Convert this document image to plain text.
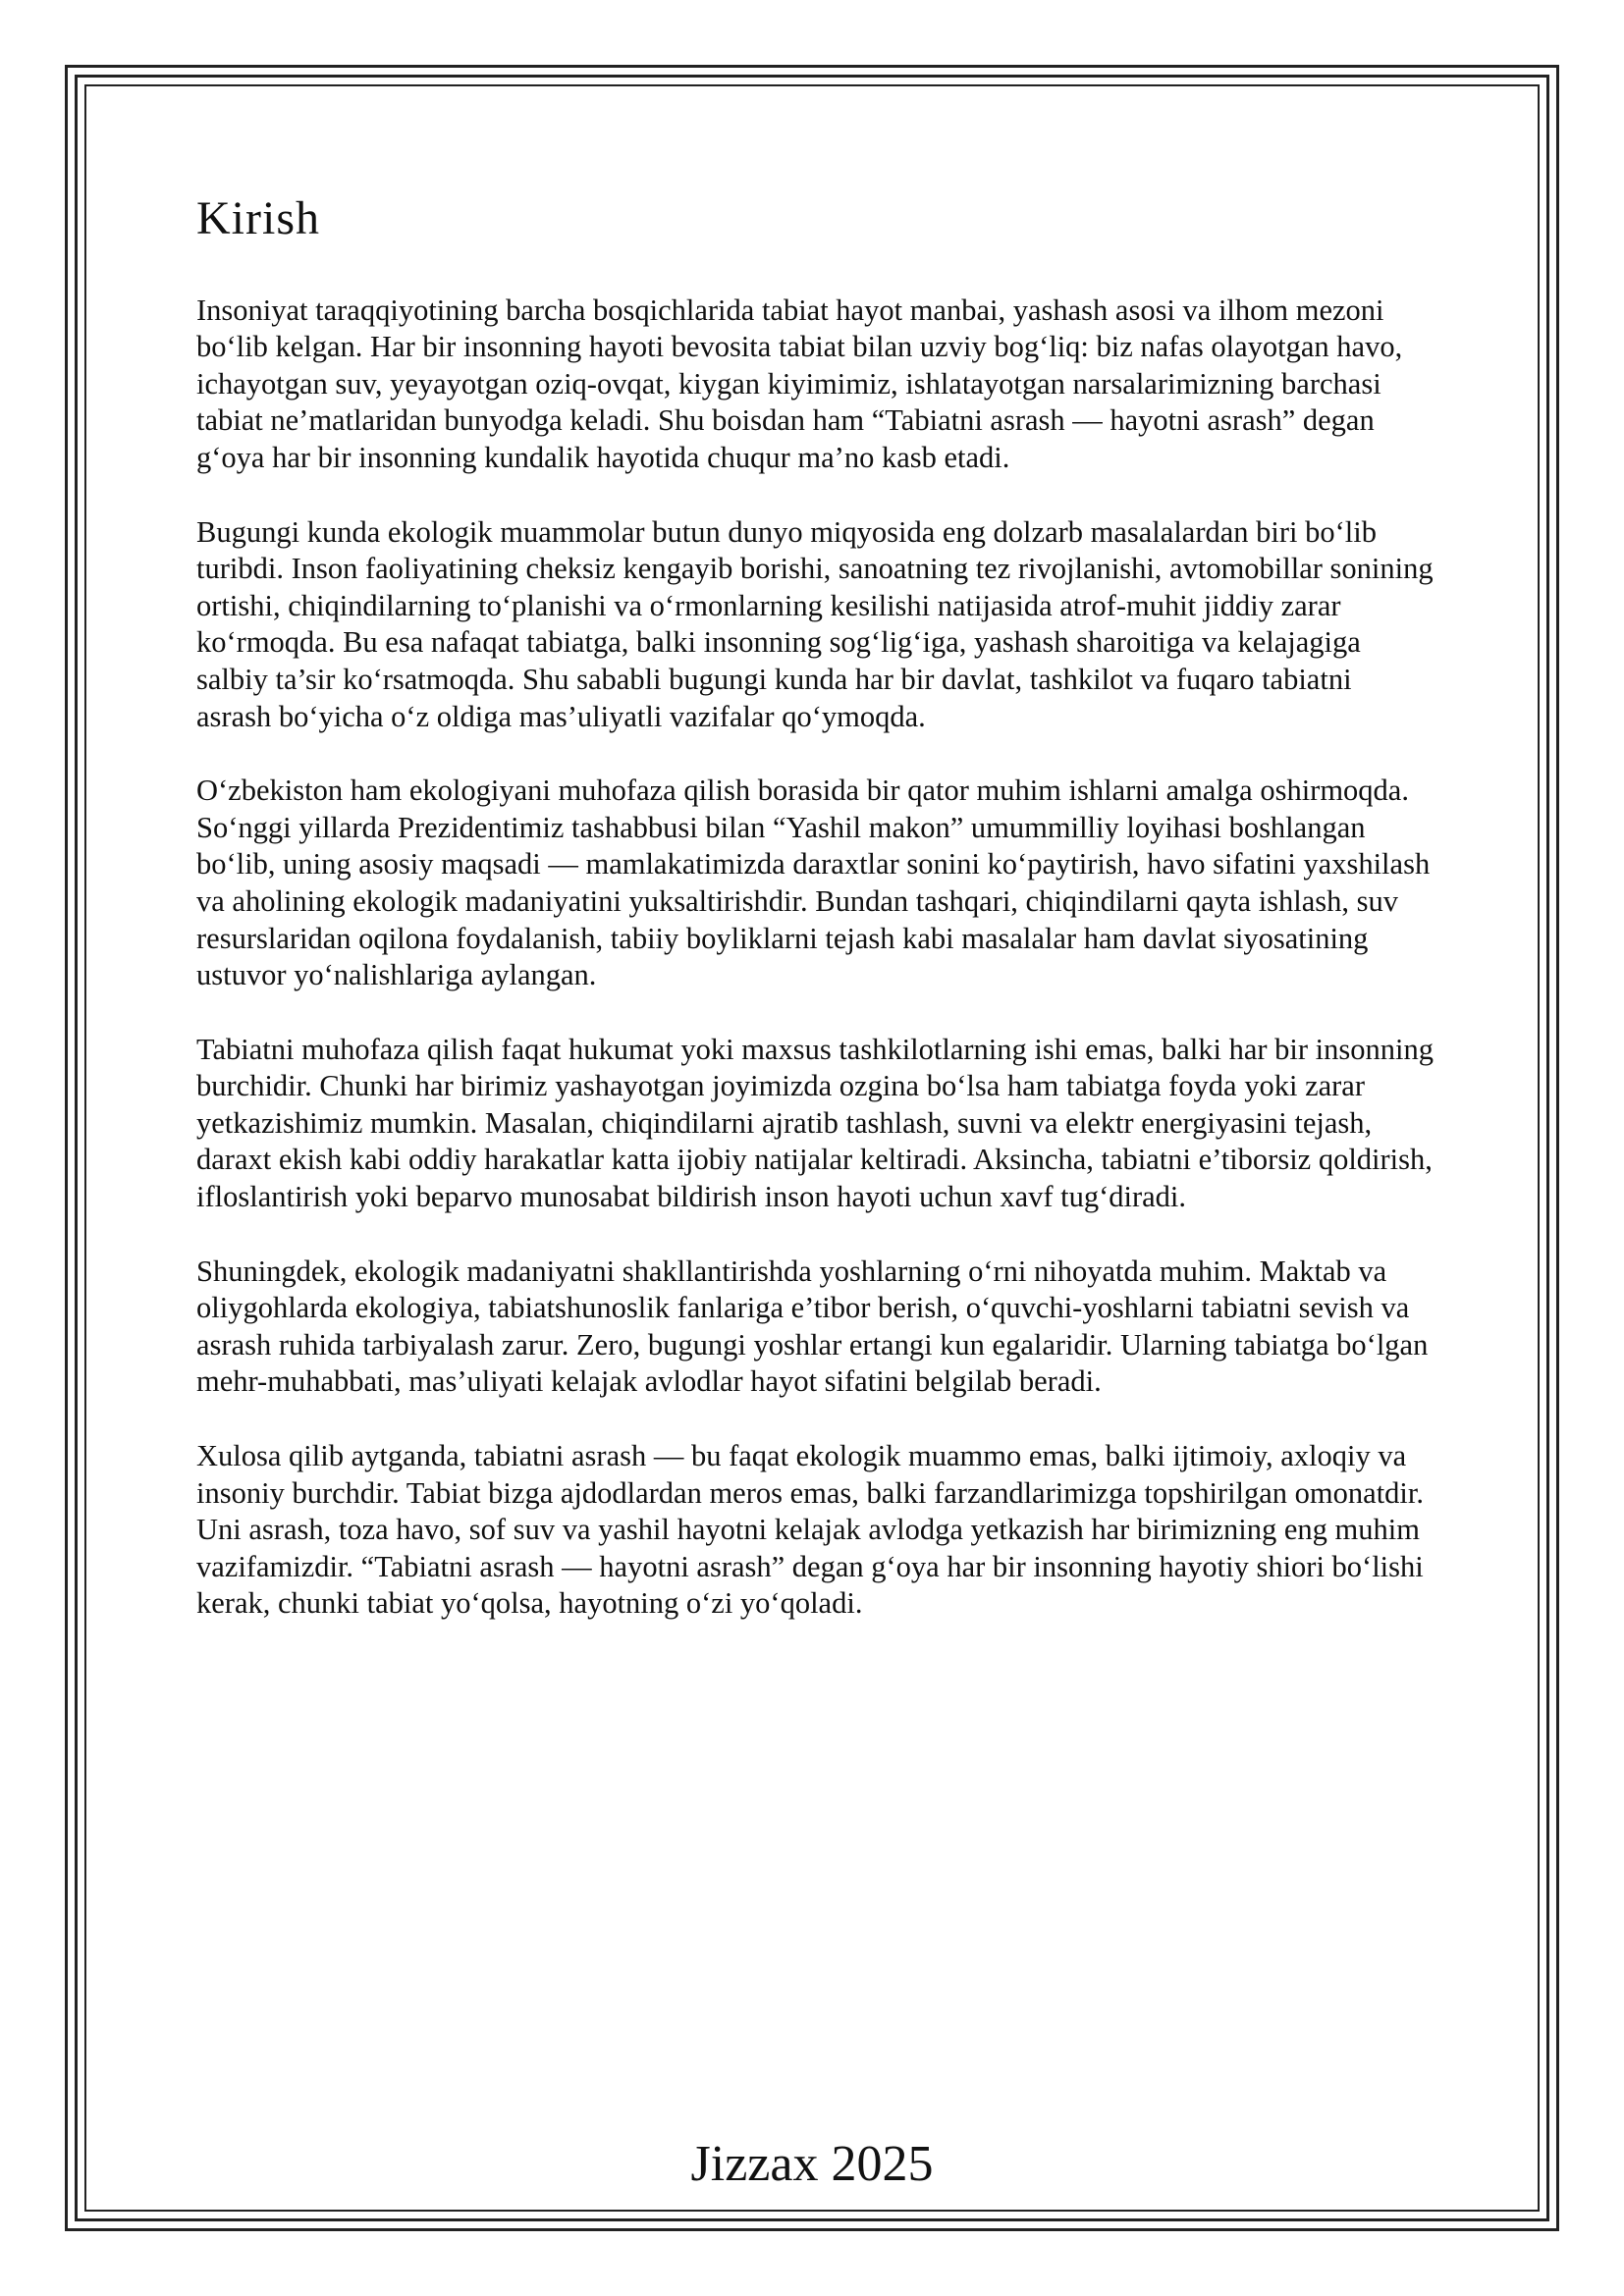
Kirish

Insoniyat taraqqiyotining barcha bosqichlarida tabiat hayot manbai, yashash asosi va ilhom mezoni bo‘lib kelgan. Har bir insonning hayoti bevosita tabiat bilan uzviy bog‘liq: biz nafas olayotgan havo, ichayotgan suv, yeyayotgan oziq-ovqat, kiygan kiyimimiz, ishlatayotgan narsalarimizning barchasi tabiat ne’matlaridan bunyodga keladi. Shu boisdan ham “Tabiatni asrash — hayotni asrash” degan g‘oya har bir insonning kundalik hayotida chuqur ma’no kasb etadi.

Bugungi kunda ekologik muammolar butun dunyo miqyosida eng dolzarb masalalardan biri bo‘lib turibdi. Inson faoliyatining cheksiz kengayib borishi, sanoatning tez rivojlanishi, avtomobillar sonining ortishi, chiqindilarning to‘planishi va o‘rmonlarning kesilishi natijasida atrof-muhit jiddiy zarar ko‘rmoqda. Bu esa nafaqat tabiatga, balki insonning sog‘lig‘iga, yashash sharoitiga va kelajagiga salbiy ta’sir ko‘rsatmoqda. Shu sababli bugungi kunda har bir davlat, tashkilot va fuqaro tabiatni asrash bo‘yicha o‘z oldiga mas’uliyatli vazifalar qo‘ymoqda.

O‘zbekiston ham ekologiyani muhofaza qilish borasida bir qator muhim ishlarni amalga oshirmoqda. So‘nggi yillarda Prezidentimiz tashabbusi bilan “Yashil makon” umummilliy loyihasi boshlangan bo‘lib, uning asosiy maqsadi — mamlakatimizda daraxtlar sonini ko‘paytirish, havo sifatini yaxshilash va aholining ekologik madaniyatini yuksaltirishdir. Bundan tashqari, chiqindilarni qayta ishlash, suv resurslaridan oqilona foydalanish, tabiiy boyliklarni tejash kabi masalalar ham davlat siyosatining ustuvor yo‘nalishlariga aylangan.

Tabiatni muhofaza qilish faqat hukumat yoki maxsus tashkilotlarning ishi emas, balki har bir insonning burchidir. Chunki har birimiz yashayotgan joyimizda ozgina bo‘lsa ham tabiatga foyda yoki zarar yetkazishimiz mumkin. Masalan, chiqindilarni ajratib tashlash, suvni va elektr energiyasini tejash, daraxt ekish kabi oddiy harakatlar katta ijobiy natijalar keltiradi. Aksincha, tabiatni e’tiborsiz qoldirish, ifloslantirish yoki beparvo munosabat bildirish inson hayoti uchun xavf tug‘diradi.

Shuningdek, ekologik madaniyatni shakllantirishda yoshlarning o‘rni nihoyatda muhim. Maktab va oliygohlarda ekologiya, tabiatshunoslik fanlariga e’tibor berish, o‘quvchi-yoshlarni tabiatni sevish va asrash ruhida tarbiyalash zarur. Zero, bugungi yoshlar ertangi kun egalaridir. Ularning tabiatga bo‘lgan mehr-muhabbati, mas’uliyati kelajak avlodlar hayot sifatini belgilab beradi.

Xulosa qilib aytganda, tabiatni asrash — bu faqat ekologik muammo emas, balki ijtimoiy, axloqiy va insoniy burchdir. Tabiat bizga ajdodlardan meros emas, balki farzandlarimizga topshirilgan omonatdir. Uni asrash, toza havo, sof suv va yashil hayotni kelajak avlodga yetkazish har birimizning eng muhim vazifamizdir. “Tabiatni asrash — hayotni asrash” degan g‘oya har bir insonning hayotiy shiori bo‘lishi kerak, chunki tabiat yo‘qolsa, hayotning o‘zi yo‘qoladi.

Jizzax 2025
